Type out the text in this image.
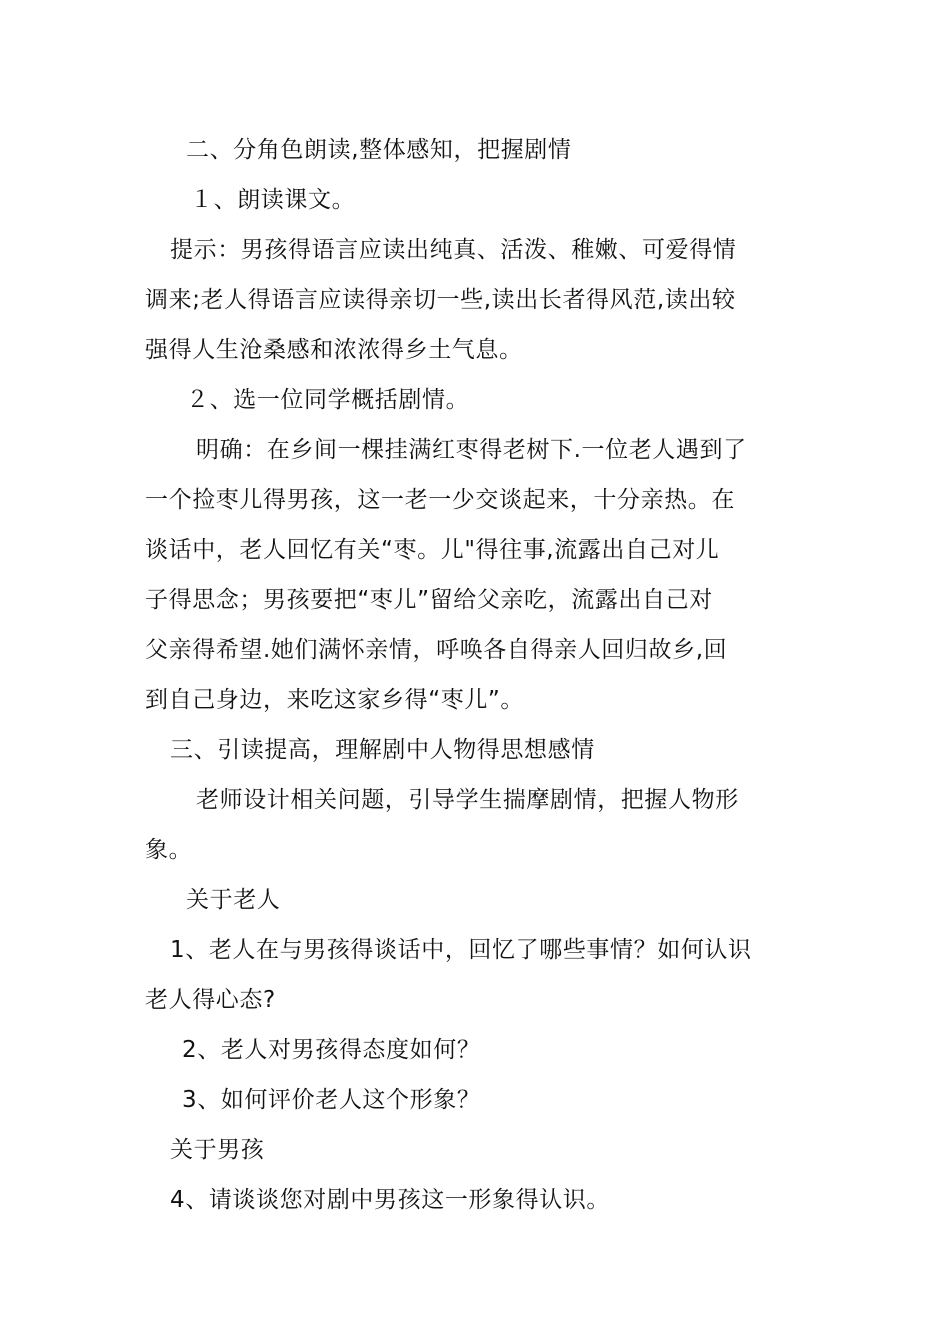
二、分角色朗读,整体感知，把握剧情
１、朗读课文。
提示：男孩得语言应读出纯真、活泼、稚嫩、可爱得情
调来;老人得语言应读得亲切一些,读出长者得风范,读出较
强得人生沧桑感和浓浓得乡土气息。
２、选一位同学概括剧情。
明确：在乡间一棵挂满红枣得老树下.一位老人遇到了
一个捡枣儿得男孩，这一老一少交谈起来，十分亲热。在
谈话中，老人回忆有关“枣。儿"得往事,流露出自己对儿
子得思念；男孩要把“枣儿”留给父亲吃，流露出自己对
父亲得希望.她们满怀亲情，呼唤各自得亲人回归故乡,回
到自己身边，来吃这家乡得“枣儿”。
三、引读提高，理解剧中人物得思想感情
老师设计相关问题，引导学生揣摩剧情，把握人物形
象。
关于老人
1、老人在与男孩得谈话中，回忆了哪些事情？如何认识
老人得心态?
2、老人对男孩得态度如何？
3、如何评价老人这个形象？
关于男孩
4、请谈谈您对剧中男孩这一形象得认识。
